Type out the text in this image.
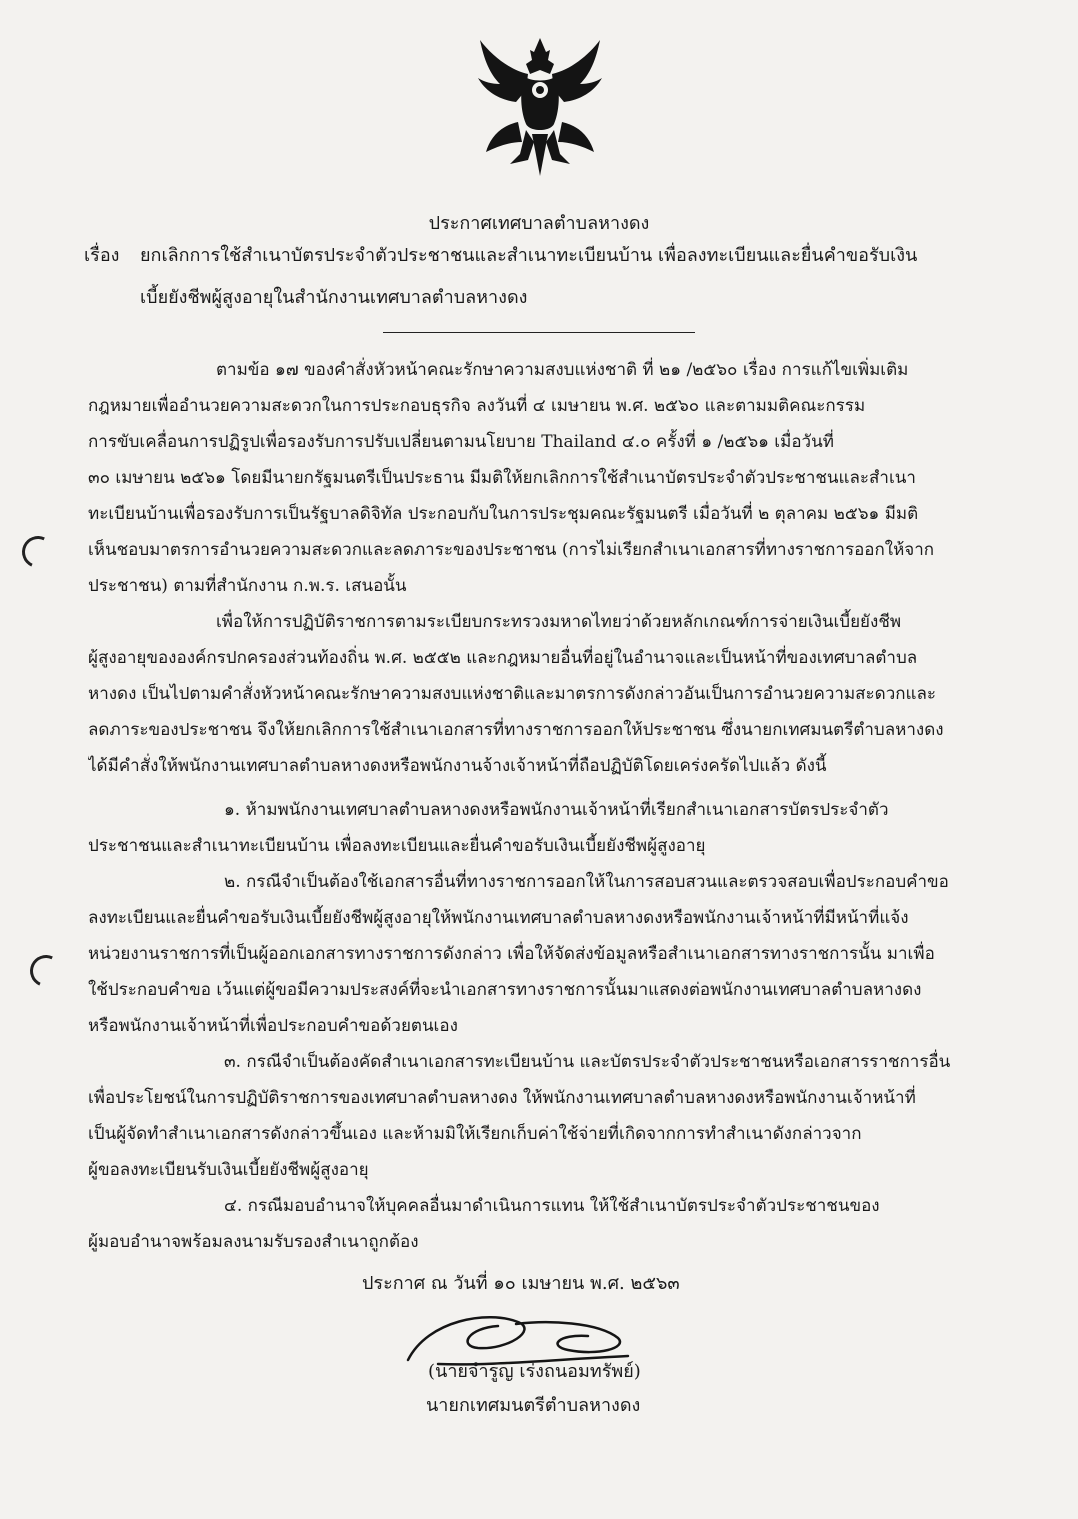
ประกาศเทศบาลตำบลหางดง
เรื่อง ยกเลิกการใช้สำเนาบัตรประจำตัวประชาชนและสำเนาทะเบียนบ้าน เพื่อลงทะเบียนและยื่นคำขอรับเงิน
เบี้ยยังชีพผู้สูงอายุในสำนักงานเทศบาลตำบลหางดง
ตามข้อ ๑๗ ของคำสั่งหัวหน้าคณะรักษาความสงบแห่งชาติ ที่ ๒๑ /๒๕๖๐ เรื่อง การแก้ไขเพิ่มเติม
กฎหมายเพื่ออำนวยความสะดวกในการประกอบธุรกิจ ลงวันที่ ๔ เมษายน พ.ศ. ๒๕๖๐ และตามมติคณะกรรม
การขับเคลื่อนการปฏิรูปเพื่อรองรับการปรับเปลี่ยนตามนโยบาย Thailand ๔.๐ ครั้งที่ ๑ /๒๕๖๑ เมื่อวันที่
๓๐ เมษายน ๒๕๖๑ โดยมีนายกรัฐมนตรีเป็นประธาน มีมติให้ยกเลิกการใช้สำเนาบัตรประจำตัวประชาชนและสำเนา
ทะเบียนบ้านเพื่อรองรับการเป็นรัฐบาลดิจิทัล ประกอบกับในการประชุมคณะรัฐมนตรี เมื่อวันที่ ๒ ตุลาคม ๒๕๖๑ มีมติ
เห็นชอบมาตรการอำนวยความสะดวกและลดภาระของประชาชน (การไม่เรียกสำเนาเอกสารที่ทางราชการออกให้จาก
ประชาชน) ตามที่สำนักงาน ก.พ.ร. เสนอนั้น
เพื่อให้การปฏิบัติราชการตามระเบียบกระทรวงมหาดไทยว่าด้วยหลักเกณฑ์การจ่ายเงินเบี้ยยังชีพ
ผู้สูงอายุขององค์กรปกครองส่วนท้องถิ่น พ.ศ. ๒๕๕๒ และกฎหมายอื่นที่อยู่ในอำนาจและเป็นหน้าที่ของเทศบาลตำบล
หางดง เป็นไปตามคำสั่งหัวหน้าคณะรักษาความสงบแห่งชาติและมาตรการดังกล่าวอันเป็นการอำนวยความสะดวกและ
ลดภาระของประชาชน จึงให้ยกเลิกการใช้สำเนาเอกสารที่ทางราชการออกให้ประชาชน ซึ่งนายกเทศมนตรีตำบลหางดง
ได้มีคำสั่งให้พนักงานเทศบาลตำบลหางดงหรือพนักงานจ้างเจ้าหน้าที่ถือปฏิบัติโดยเคร่งครัดไปแล้ว ดังนี้
๑. ห้ามพนักงานเทศบาลตำบลหางดงหรือพนักงานเจ้าหน้าที่เรียกสำเนาเอกสารบัตรประจำตัว
ประชาชนและสำเนาทะเบียนบ้าน เพื่อลงทะเบียนและยื่นคำขอรับเงินเบี้ยยังชีพผู้สูงอายุ
๒. กรณีจำเป็นต้องใช้เอกสารอื่นที่ทางราชการออกให้ในการสอบสวนและตรวจสอบเพื่อประกอบคำขอ
ลงทะเบียนและยื่นคำขอรับเงินเบี้ยยังชีพผู้สูงอายุให้พนักงานเทศบาลตำบลหางดงหรือพนักงานเจ้าหน้าที่มีหน้าที่แจ้ง
หน่วยงานราชการที่เป็นผู้ออกเอกสารทางราชการดังกล่าว เพื่อให้จัดส่งข้อมูลหรือสำเนาเอกสารทางราชการนั้น มาเพื่อ
ใช้ประกอบคำขอ เว้นแต่ผู้ขอมีความประสงค์ที่จะนำเอกสารทางราชการนั้นมาแสดงต่อพนักงานเทศบาลตำบลหางดง
หรือพนักงานเจ้าหน้าที่เพื่อประกอบคำขอด้วยตนเอง
๓. กรณีจำเป็นต้องคัดสำเนาเอกสารทะเบียนบ้าน และบัตรประจำตัวประชาชนหรือเอกสารราชการอื่น
เพื่อประโยชน์ในการปฏิบัติราชการของเทศบาลตำบลหางดง ให้พนักงานเทศบาลตำบลหางดงหรือพนักงานเจ้าหน้าที่
เป็นผู้จัดทำสำเนาเอกสารดังกล่าวขึ้นเอง และห้ามมิให้เรียกเก็บค่าใช้จ่ายที่เกิดจากการทำสำเนาดังกล่าวจาก
ผู้ขอลงทะเบียนรับเงินเบี้ยยังชีพผู้สูงอายุ
๔. กรณีมอบอำนาจให้บุคคลอื่นมาดำเนินการแทน ให้ใช้สำเนาบัตรประจำตัวประชาชนของ
ผู้มอบอำนาจพร้อมลงนามรับรองสำเนาถูกต้อง
ประกาศ ณ วันที่ ๑๐ เมษายน พ.ศ. ๒๕๖๓
(นายจำรูญ เร่งถนอมทรัพย์)
นายกเทศมนตรีตำบลหางดง
